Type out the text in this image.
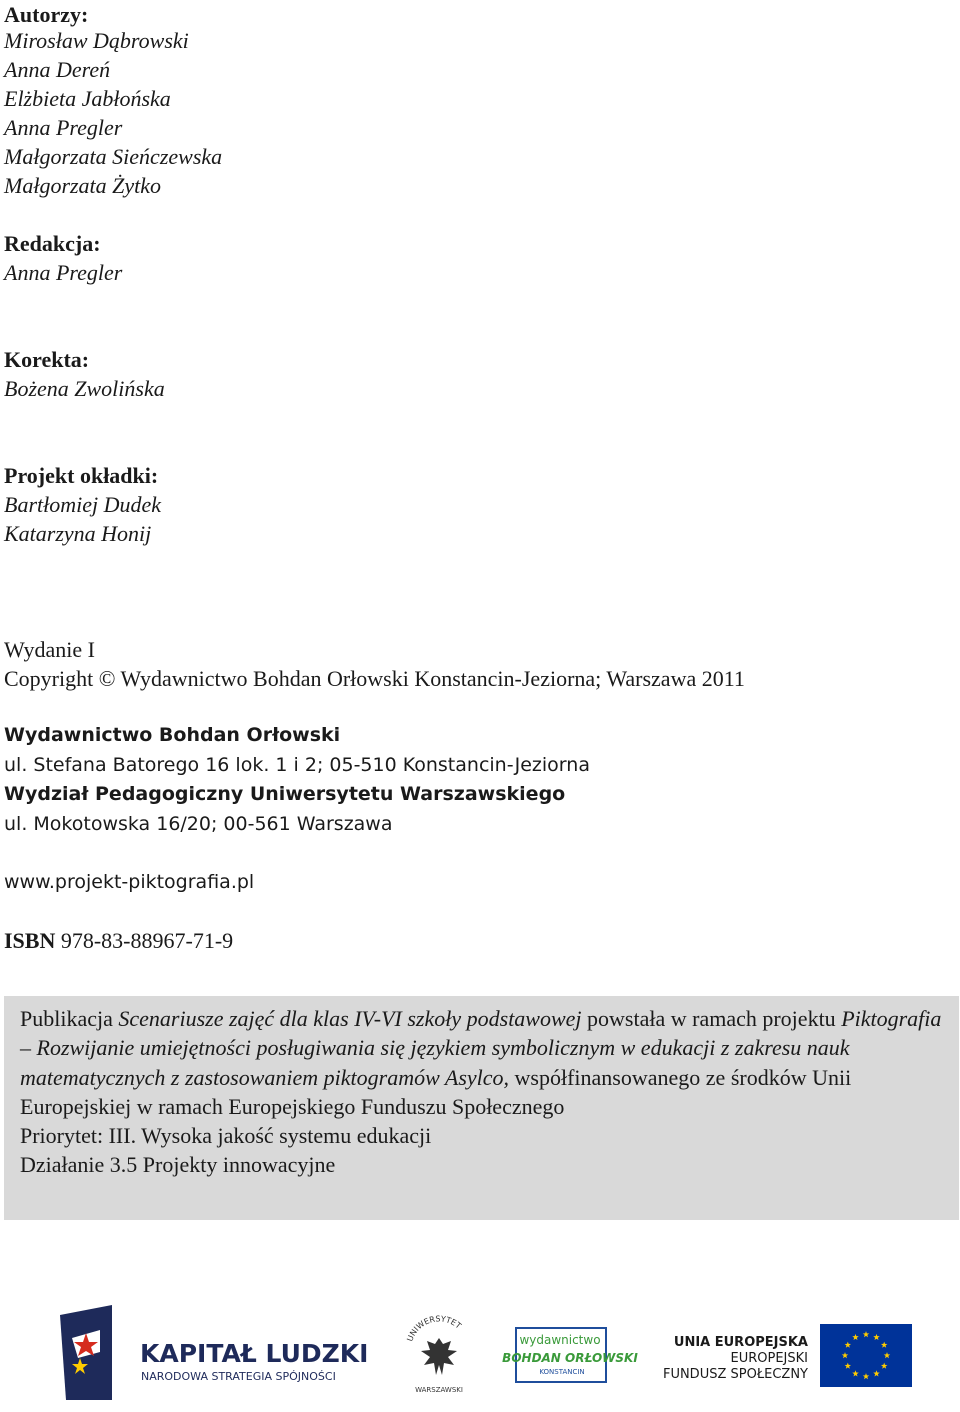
Autorzy:
Mirosław Dąbrowski
Anna Dereń
Elżbieta Jabłońska
Anna Pregler
Małgorzata Sieńczewska
Małgorzata Żytko
Redakcja:
Anna Pregler
Korekta:
Bożena Zwolińska
Projekt okładki:
Bartłomiej Dudek
Katarzyna Honij
Wydanie I
Copyright © Wydawnictwo Bohdan Orłowski Konstancin-Jeziorna; Warszawa 2011
Wydawnictwo Bohdan Orłowski
ul. Stefana Batorego 16 lok. 1 i 2; 05-510 Konstancin-Jeziorna
Wydział Pedagogiczny Uniwersytetu Warszawskiego
ul. Mokotowska 16/20; 00-561 Warszawa
www.projekt-piktografia.pl
ISBN 978-83-88967-71-9
Publikacja Scenariusze zajęć dla klas IV-VI szkoły podstawowej powstała w ramach projektu Piktografia – Rozwijanie umiejętności posługiwania się językiem symbolicznym w edukacji z zakresu nauk matematycznych z zastosowaniem piktogramów Asylco, współfinansowanego ze środków Unii Europejskiej w ramach Europejskiego Funduszu Społecznego
Priorytet: III. Wysoka jakość systemu edukacji
Działanie 3.5 Projekty innowacyjne
KAPITAŁ LUDZKI
NARODOWA STRATEGIA SPÓJNOŚCI
UNIWERSYTET
WARSZAWSKI
wydawnictwo
BOHDAN ORŁOWSKI
KONSTANCIN
UNIA EUROPEJSKA
EUROPEJSKI
FUNDUSZ SPOŁECZNY
